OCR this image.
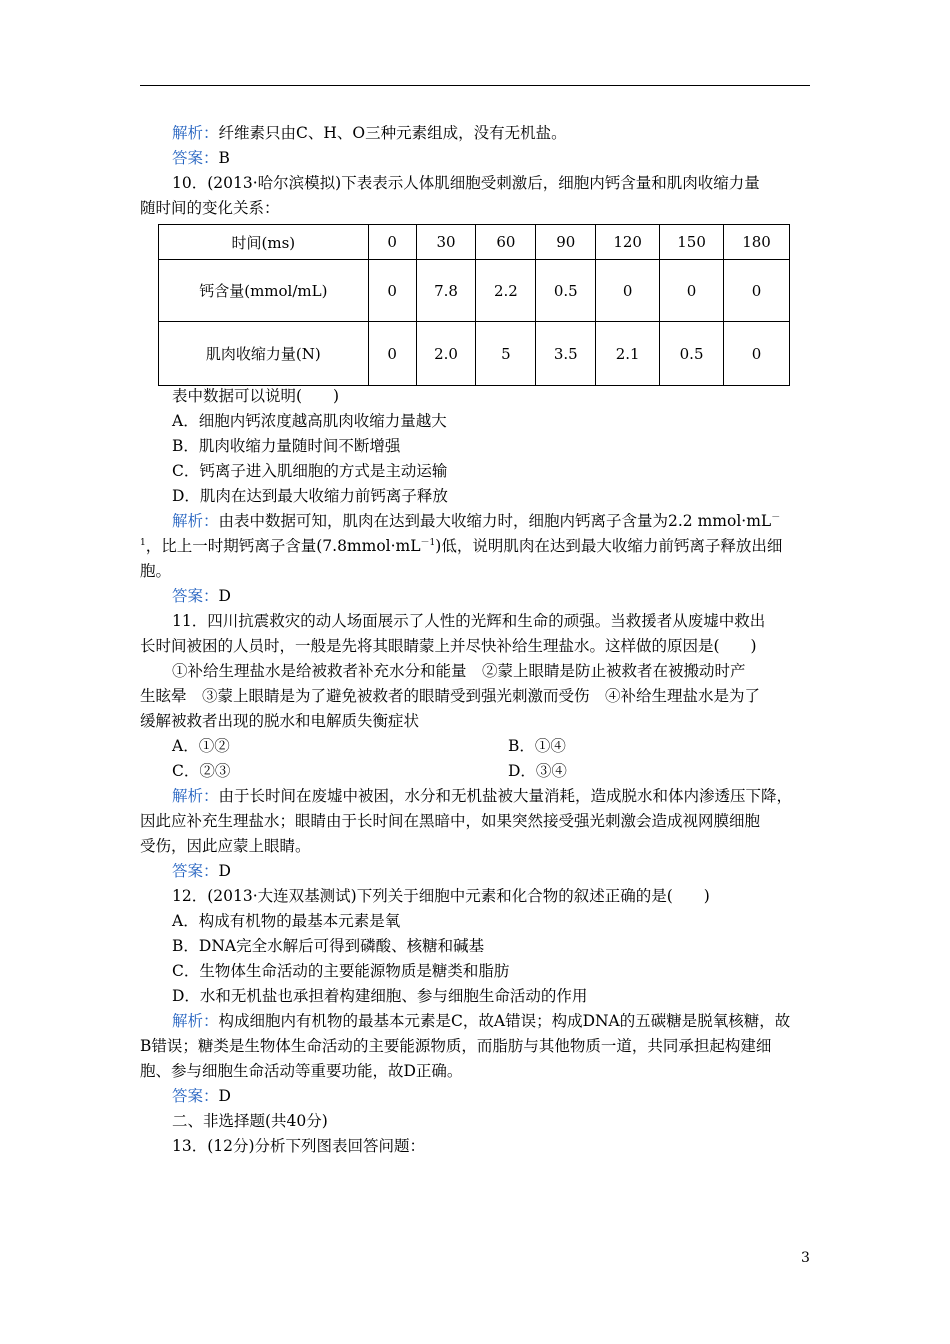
解析：纤维素只由C、H、O三种元素组成，没有无机盐。
答案：B
10．(2013·哈尔滨模拟)下表表示人体肌细胞受刺激后，细胞内钙含量和肌肉收缩力量
随时间的变化关系：
时间(ms)	0	30	60	90	120	150	180
钙含量(mmol/mL)	0	7.8	2.2	0.5	0	0	0
肌肉收缩力量(N)	0	2.0	5	3.5	2.1	0.5	0
表中数据可以说明(　　)
A．细胞内钙浓度越高肌肉收缩力量越大
B．肌肉收缩力量随时间不断增强
C．钙离子进入肌细胞的方式是主动运输
D．肌肉在达到最大收缩力前钙离子释放
解析：由表中数据可知，肌肉在达到最大收缩力时，细胞内钙离子含量为2.2 mmol·mL－
$^1$，比上一时期钙离子含量$(7.8mmol\cdot mL^{-1})$低，说明肌肉在达到最大收缩力前钙离子释放出细
胞。
答案：D
11．四川抗震救灾的动人场面展示了人性的光辉和生命的顽强。当救援者从废墟中救出
长时间被困的人员时，一般是先将其眼睛蒙上并尽快补给生理盐水。这样做的原因是(　　)
①补给生理盐水是给被救者补充水分和能量　②蒙上眼睛是防止被救者在被搬动时产
生眩晕　③蒙上眼睛是为了避免被救者的眼睛受到强光刺激而受伤　④补给生理盐水是为了
缓解被救者出现的脱水和电解质失衡症状
A．①②	B．①④
C．②③	D．③④
解析：由于长时间在废墟中被困，水分和无机盐被大量消耗，造成脱水和体内渗透压下降，
因此应补充生理盐水；眼睛由于长时间在黑暗中，如果突然接受强光刺激会造成视网膜细胞
受伤，因此应蒙上眼睛。
答案：D
12．(2013·大连双基测试)下列关于细胞中元素和化合物的叙述正确的是(　　)
A．构成有机物的最基本元素是氧
B．DNA完全水解后可得到磷酸、核糖和碱基
C．生物体生命活动的主要能源物质是糖类和脂肪
D．水和无机盐也承担着构建细胞、参与细胞生命活动的作用
解析：构成细胞内有机物的最基本元素是C，故A错误；构成DNA的五碳糖是脱氧核糖，故
B错误；糖类是生物体生命活动的主要能源物质，而脂肪与其他物质一道，共同承担起构建细
胞、参与细胞生命活动等重要功能，故D正确。
答案：D
二、非选择题(共40分)
13．(12分)分析下列图表回答问题：
3
